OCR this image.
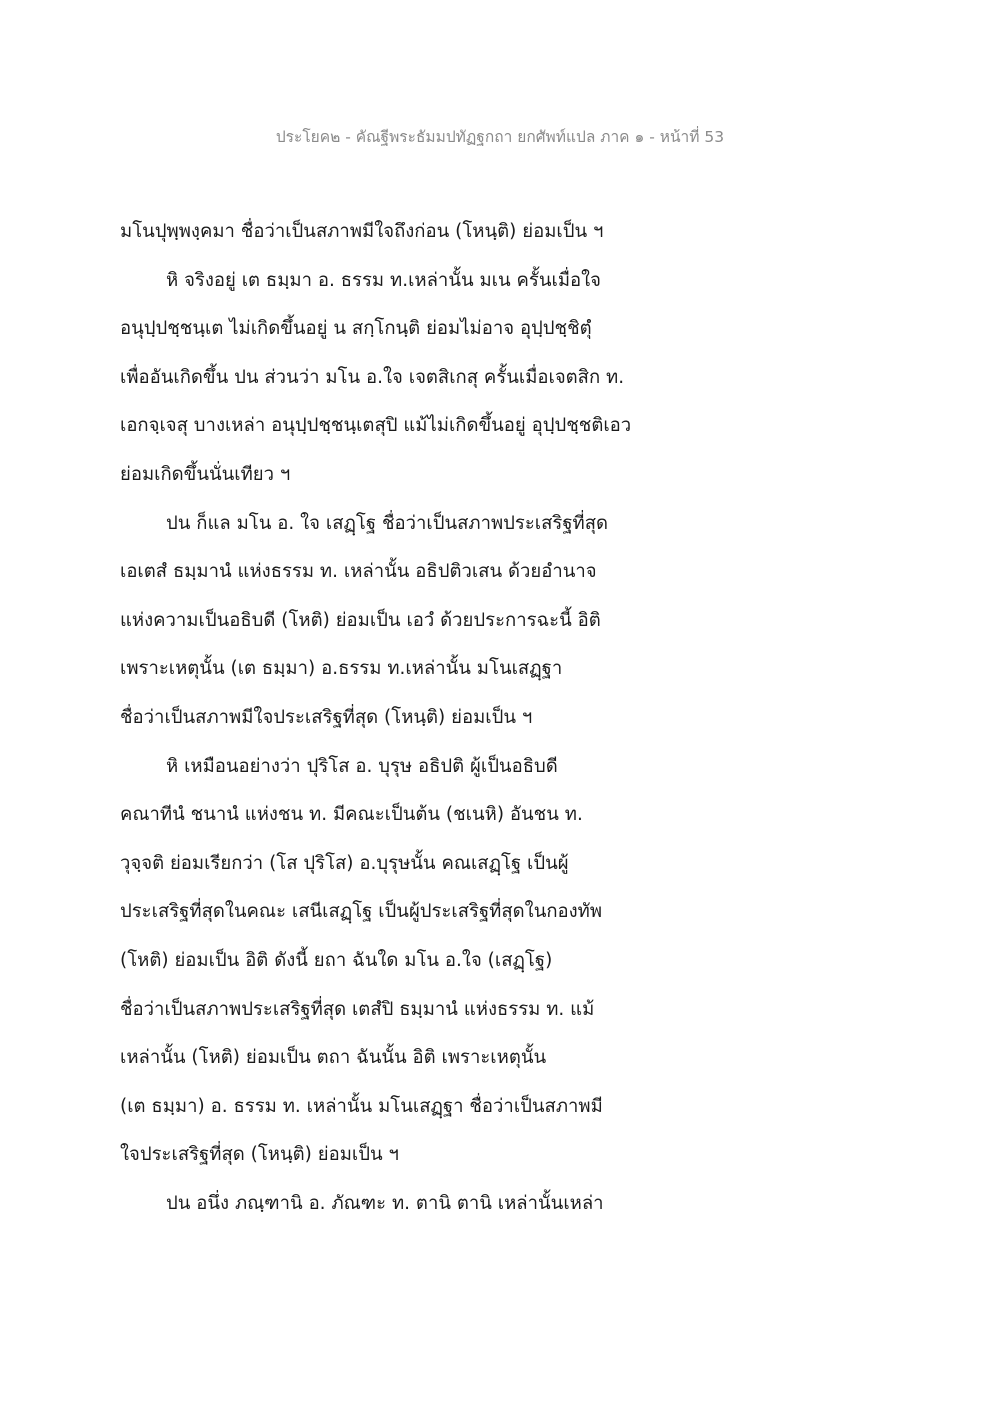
ประโยค๒ - คัณฐีพระธัมมปทัฏฐกถา ยกศัพท์แปล ภาค ๑ - หน้าที่ 53
มโนปุพฺพงฺคมา ชื่อว่าเป็นสภาพมีใจถึงก่อน (โหนฺติ) ย่อมเป็น ฯ
หิ จริงอยู่ เต ธมฺมา อ. ธรรม ท.เหล่านั้น มเน ครั้นเมื่อใจ
อนุปฺปชฺชนฺเต ไม่เกิดขึ้นอยู่ น สกฺโกนฺติ ย่อมไม่อาจ อุปฺปชฺชิตุํ
เพื่ออันเกิดขึ้น ปน ส่วนว่า มโน อ.ใจ เจตสิเกสุ ครั้นเมื่อเจตสิก ท.
เอกจฺเจสุ บางเหล่า อนุปฺปชฺชนฺเตสุปิ แม้ไม่เกิดขึ้นอยู่ อุปฺปชฺชติเอว
ย่อมเกิดขึ้นนั่นเทียว ฯ
ปน ก็แล มโน อ. ใจ เสฏฺโฐ ชื่อว่าเป็นสภาพประเสริฐที่สุด
เอเตสํ ธมฺมานํ แห่งธรรม ท. เหล่านั้น อธิปติวเสน ด้วยอำนาจ
แห่งความเป็นอธิบดี (โหติ) ย่อมเป็น เอวํ ด้วยประการฉะนี้ อิติ
เพราะเหตุนั้น (เต ธมฺมา) อ.ธรรม ท.เหล่านั้น มโนเสฏฺฐา
ชื่อว่าเป็นสภาพมีใจประเสริฐที่สุด (โหนฺติ) ย่อมเป็น ฯ
หิ เหมือนอย่างว่า ปุริโส อ. บุรุษ อธิปติ ผู้เป็นอธิบดี
คณาทีนํ ชนานํ แห่งชน ท. มีคณะเป็นต้น (ชเนหิ) อันชน ท.
วุจฺจติ ย่อมเรียกว่า (โส ปุริโส) อ.บุรุษนั้น คณเสฏฺโฐ เป็นผู้
ประเสริฐที่สุดในคณะ เสนีเสฏฺโฐ เป็นผู้ประเสริฐที่สุดในกองทัพ
(โหติ) ย่อมเป็น อิติ ดังนี้ ยถา ฉันใด มโน อ.ใจ (เสฏฺโฐ)
ชื่อว่าเป็นสภาพประเสริฐที่สุด เตสํปิ ธมฺมานํ แห่งธรรม ท. แม้
เหล่านั้น (โหติ) ย่อมเป็น ตถา ฉันนั้น อิติ เพราะเหตุนั้น
(เต ธมฺมา) อ. ธรรม ท. เหล่านั้น มโนเสฏฺฐา ชื่อว่าเป็นสภาพมี
ใจประเสริฐที่สุด (โหนฺติ) ย่อมเป็น ฯ
ปน อนึ่ง ภณฺฑานิ อ. ภัณฑะ ท. ตานิ ตานิ เหล่านั้นเหล่า
